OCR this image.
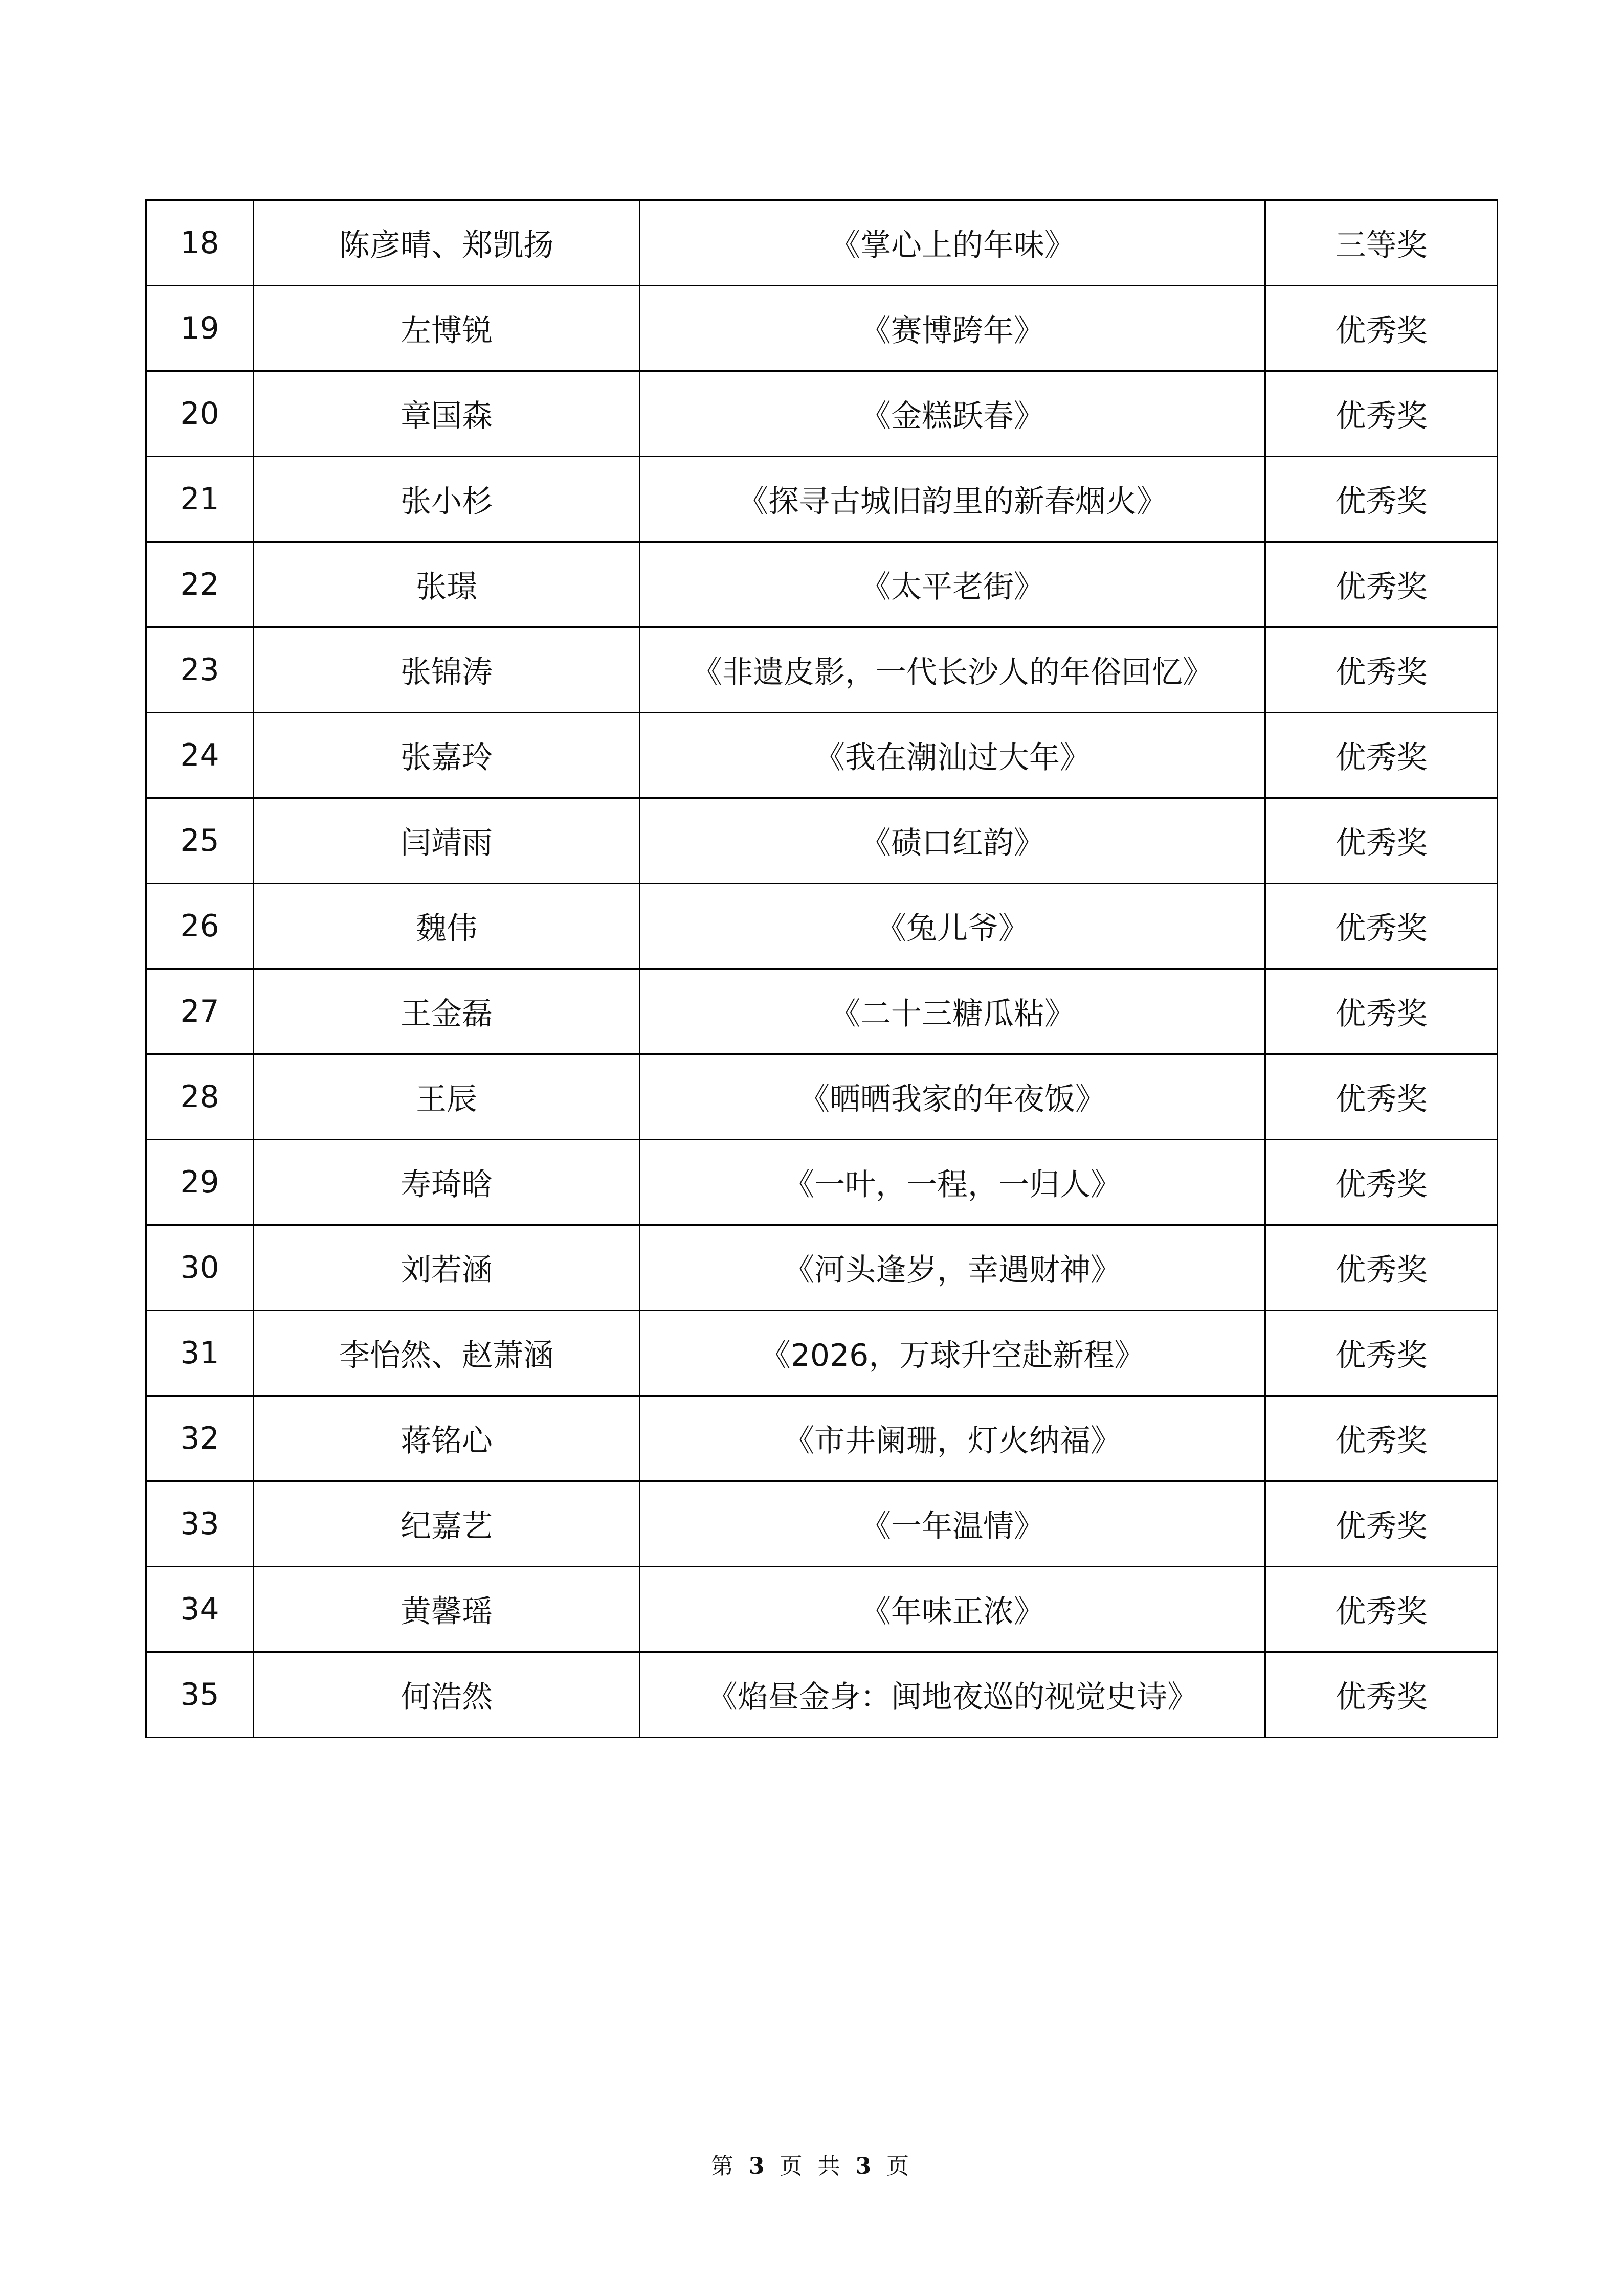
18	陈彦晴、郑凯扬	《掌心上的年味》	三等奖
19	左博锐	《赛博跨年》	优秀奖
20	章国森	《金糕跃春》	优秀奖
21	张小杉	《探寻古城旧韵里的新春烟火》	优秀奖
22	张璟	《太平老街》	优秀奖
23	张锦涛	《非遗皮影，一代长沙人的年俗回忆》	优秀奖
24	张嘉玲	《我在潮汕过大年》	优秀奖
25	闫靖雨	《碛口红韵》	优秀奖
26	魏伟	《兔儿爷》	优秀奖
27	王金磊	《二十三糖瓜粘》	优秀奖
28	王辰	《晒晒我家的年夜饭》	优秀奖
29	寿琦晗	《一叶，一程，一归人》	优秀奖
30	刘若涵	《河头逢岁，幸遇财神》	优秀奖
31	李怡然、赵萧涵	《2026，万球升空赴新程》	优秀奖
32	蒋铭心	《市井阑珊，灯火纳福》	优秀奖
33	纪嘉艺	《一年温情》	优秀奖
34	黄馨瑶	《年味正浓》	优秀奖
35	何浩然	《焰昼金身：闽地夜巡的视觉史诗》	优秀奖
第 3 页 共 3 页
